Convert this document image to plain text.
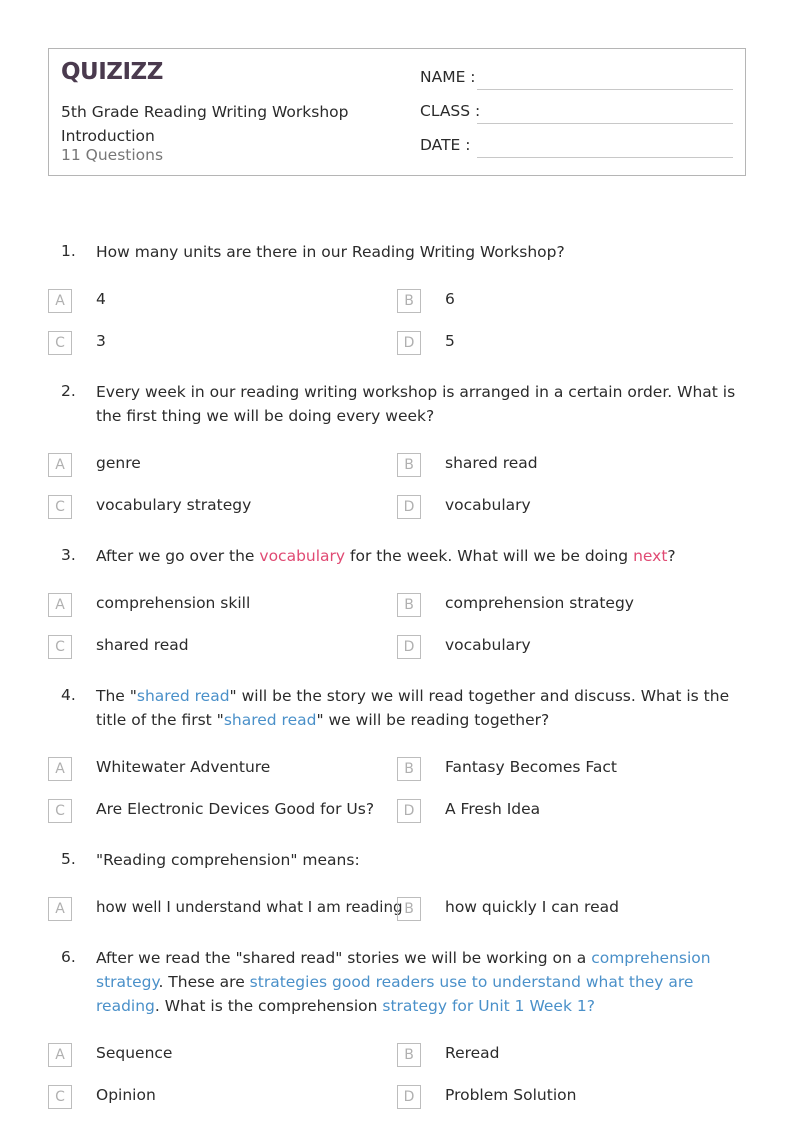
QUIZIZZ
5th Grade Reading Writing Workshop Introduction
11 Questions
NAME :
CLASS :
DATE :
1. How many units are there in our Reading Writing Workshop?
A	4	B	6
C	3	D	5
2. Every week in our reading writing workshop is arranged in a certain order. What is the first thing we will be doing every week?
A	genre	B	shared read
C	vocabulary strategy	D	vocabulary
3. After we go over the vocabulary for the week. What will we be doing next?
A	comprehension skill	B	comprehension strategy
C	shared read	D	vocabulary
4. The "shared read" will be the story we will read together and discuss. What is the title of the first "shared read" we will be reading together?
A	Whitewater Adventure	B	Fantasy Becomes Fact
C	Are Electronic Devices Good for Us?	D	A Fresh Idea
5. "Reading comprehension" means:
A	how well I understand what I am reading B	how quickly I can read
6. After we read the "shared read" stories we will be working on a comprehension strategy. These are strategies good readers use to understand what they are reading. What is the comprehension strategy for Unit 1 Week 1?
A	Sequence	B	Reread
C	Opinion	D	Problem Solution
